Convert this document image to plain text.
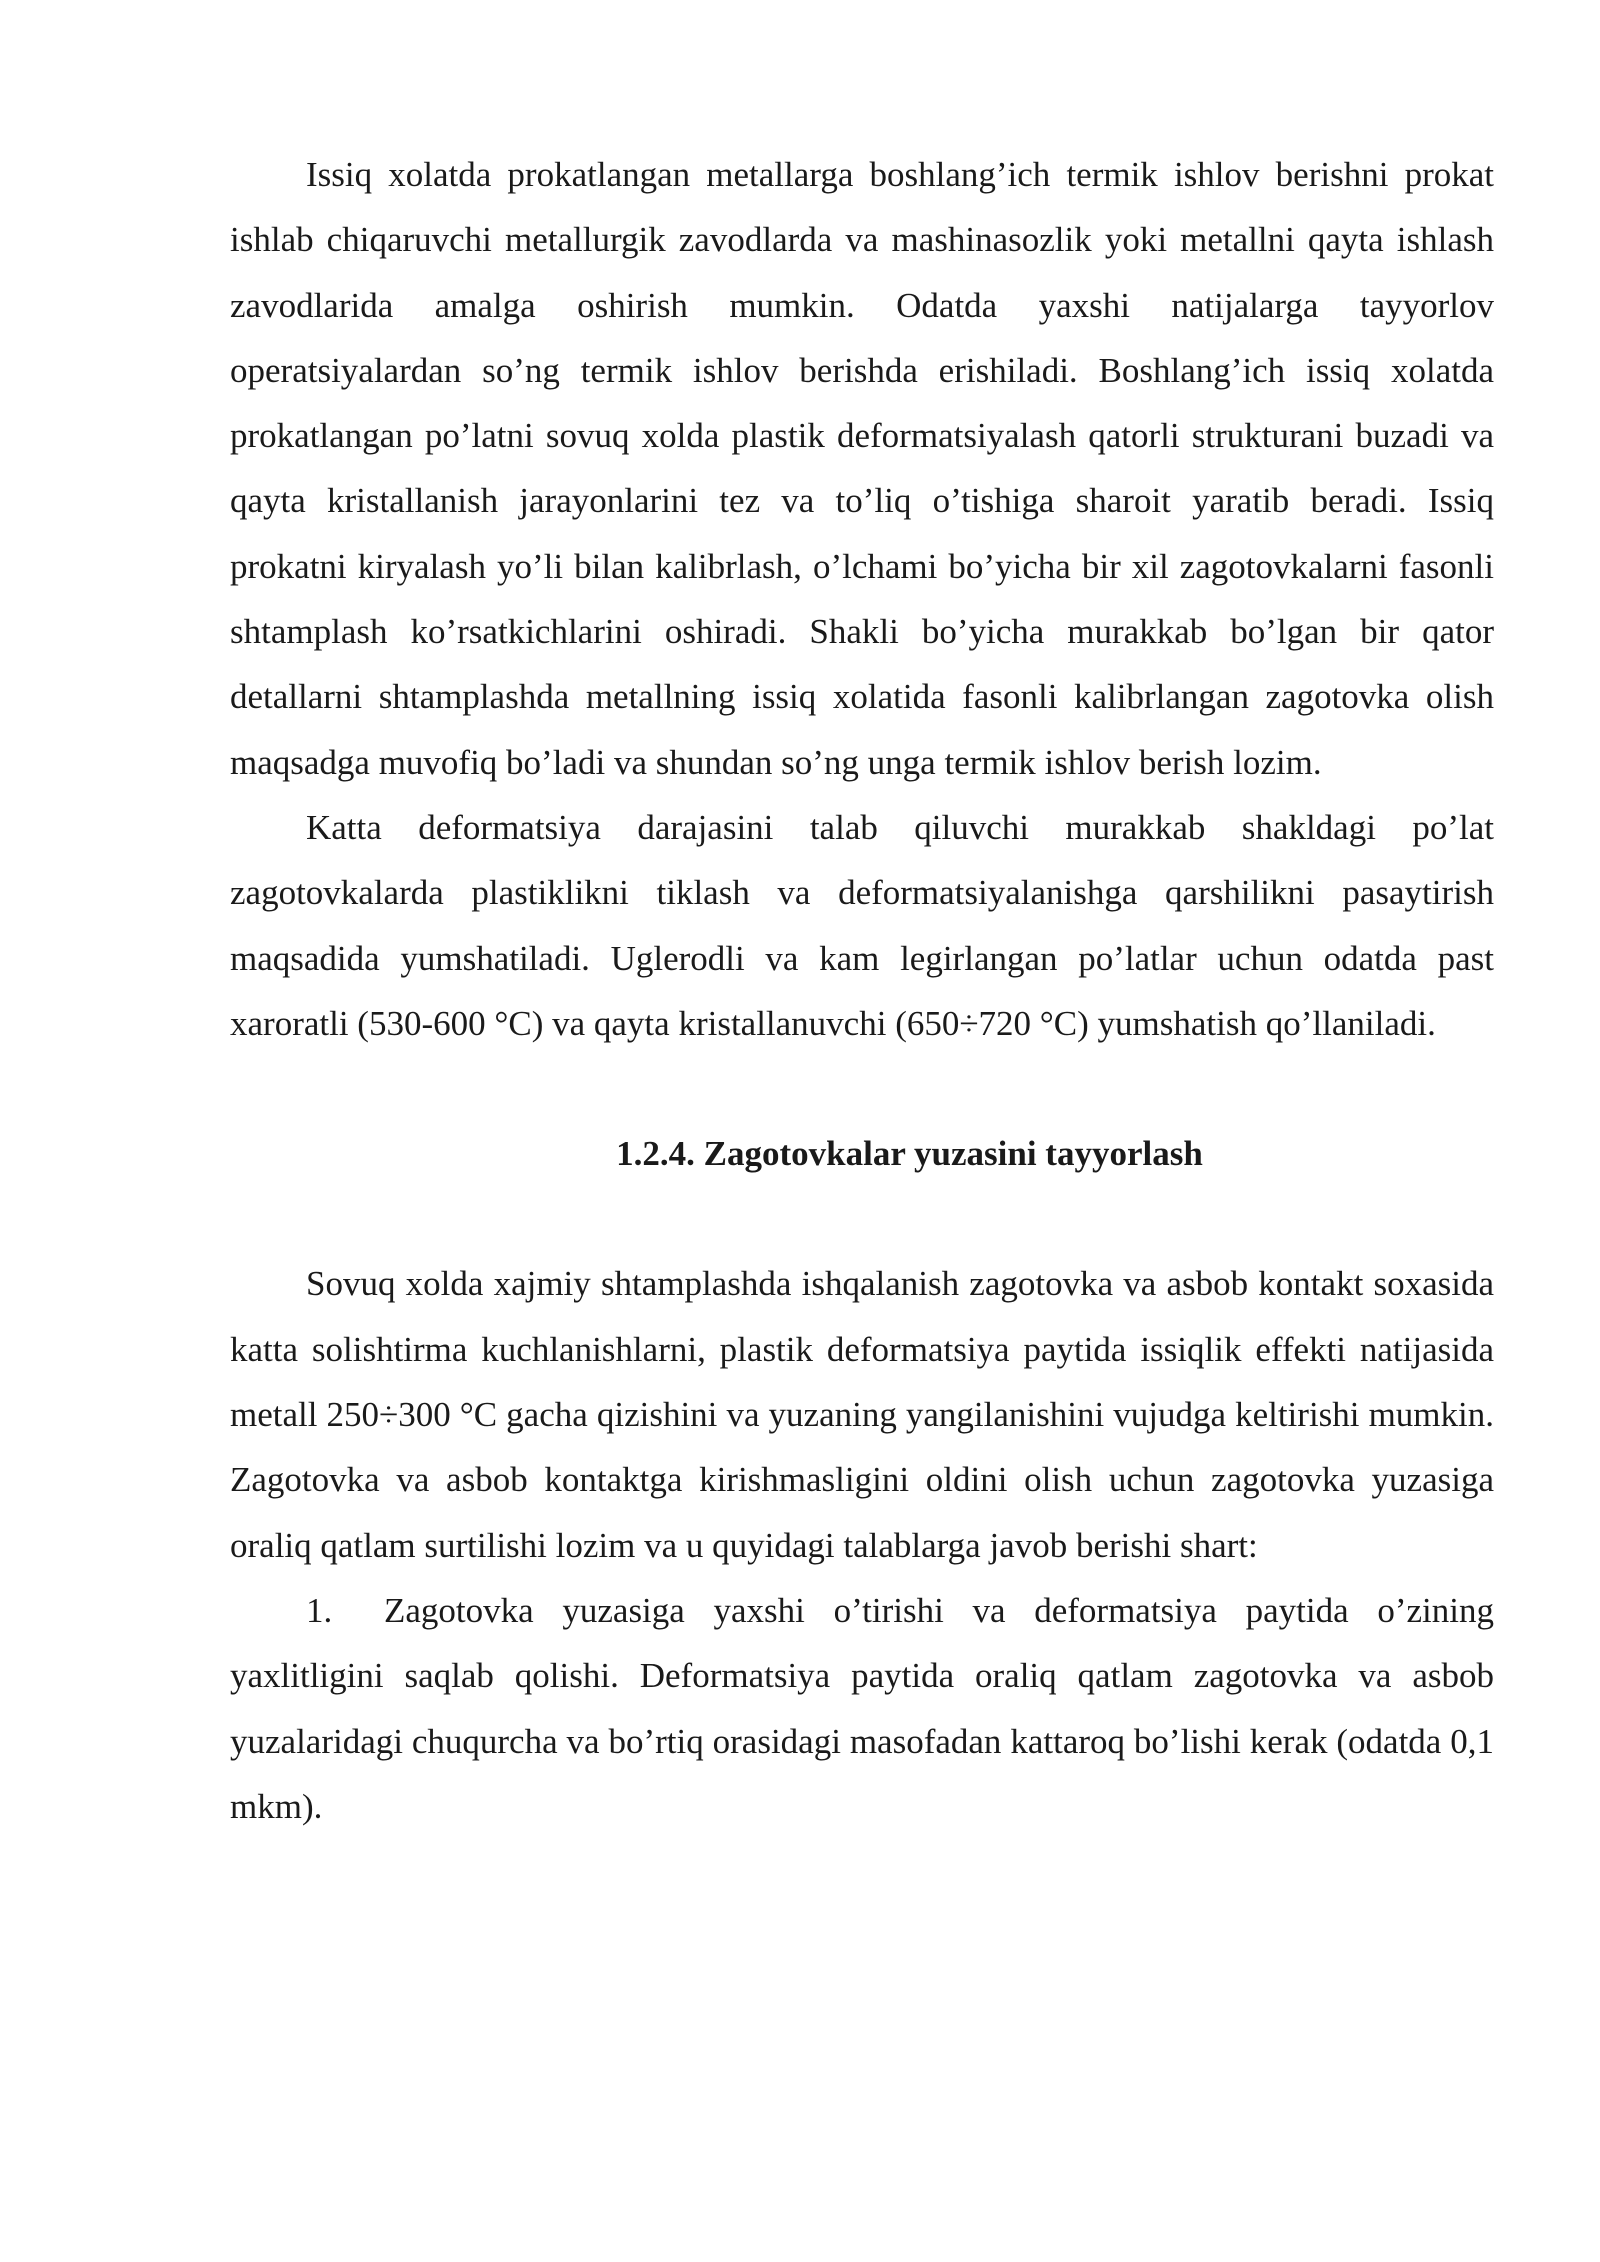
Issiq xolatda prokatlangan metallarga boshlang’ich termik ishlov berishni prokat ishlab chiqaruvchi metallurgik zavodlarda va mashinasozlik yoki metallni qayta ishlash zavodlarida amalga oshirish mumkin. Odatda yaxshi natijalarga tayyorlov operatsiyalardan so’ng termik ishlov berishda erishiladi. Boshlang’ich issiq xolatda prokatlangan po’latni sovuq xolda plastik deformatsiyalash qatorli strukturani buzadi va qayta kristallanish jarayonlarini tez va to’liq o’tishiga sharoit yaratib beradi. Issiq prokatni kiryalash yo’li bilan kalibrlash, o’lchami bo’yicha bir xil zagotovkalarni fasonli shtamplash ko’rsatkichlarini oshiradi. Shakli bo’yicha murakkab bo’lgan bir qator detallarni shtamplashda metallning issiq xolatida fasonli kalibrlangan zagotovka olish maqsadga muvofiq bo’ladi va shundan so’ng unga termik ishlov berish lozim.

Katta deformatsiya darajasini talab qiluvchi murakkab shakldagi po’lat zagotovkalarda plastiklikni tiklash va deformatsiyalanishga qarshilikni pasaytirish maqsadida yumshatiladi. Uglerodli va kam legirlangan po’latlar uchun odatda past xaroratli (530-600 °C) va qayta kristallanuvchi (650÷720 °C) yumshatish qo’llaniladi.

1.2.4. Zagotovkalar yuzasini tayyorlash

Sovuq xolda xajmiy shtamplashda ishqalanish zagotovka va asbob kontakt soxasida katta solishtirma kuchlanishlarni, plastik deformatsiya paytida issiqlik effekti natijasida metall 250÷300 °C gacha qizishini va yuzaning yangilanishini vujudga keltirishi mumkin. Zagotovka va asbob kontaktga kirishmasligini oldini olish uchun zagotovka yuzasiga oraliq qatlam surtilishi lozim va u quyidagi talablarga javob berishi shart:

1. Zagotovka yuzasiga yaxshi o’tirishi va deformatsiya paytida o’zining yaxlitligini saqlab qolishi. Deformatsiya paytida oraliq qatlam zagotovka va asbob yuzalaridagi chuqurcha va bo’rtiq orasidagi masofadan kattaroq bo’lishi kerak (odatda 0,1 mkm).
